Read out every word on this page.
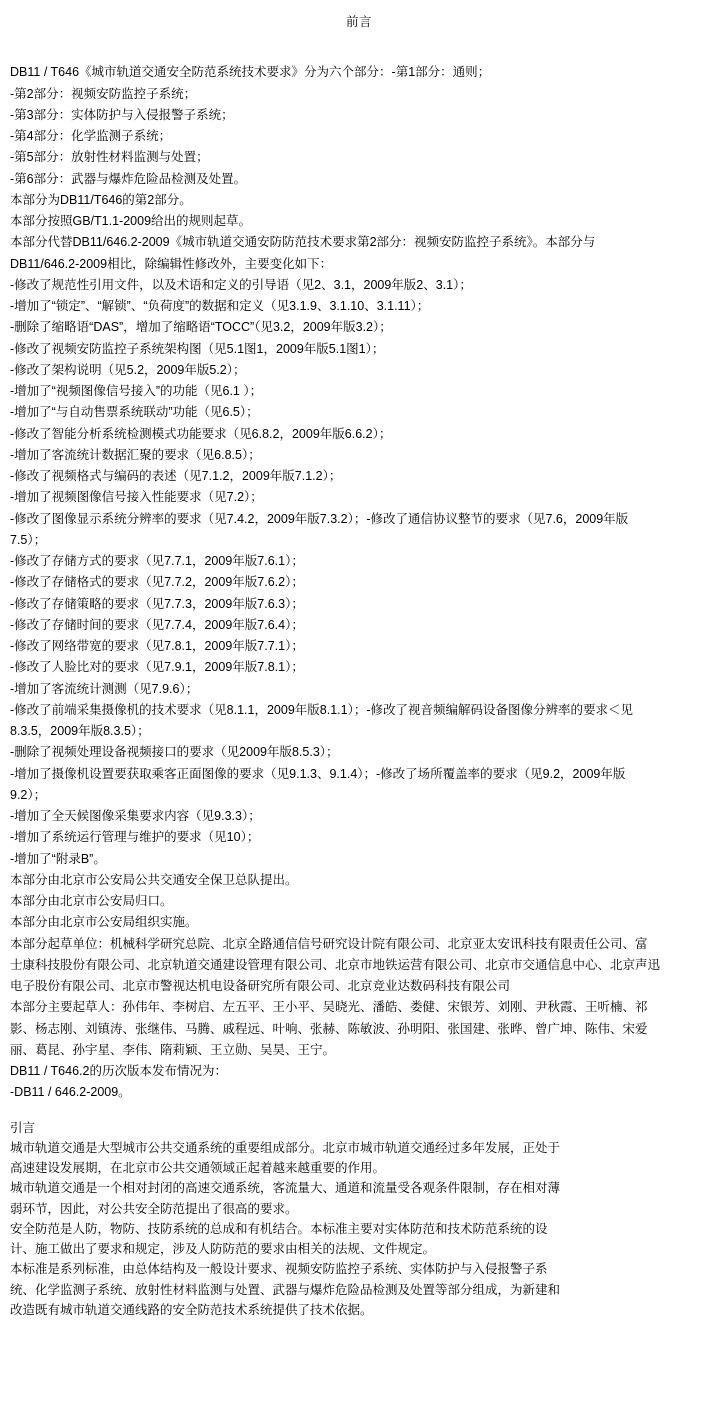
前言

DB11 / T646《城市轨道交通安全防范系统技术要求》分为六个部分：-第1部分：通则；

-第2部分：视频安防监控子系统；

-第3部分：实体防护与入侵报警子系统；

-第4部分：化学监测子系统；

-第5部分：放射性材料监测与处置；

-第6部分：武器与爆炸危险品检测及处置。

本部分为DB11/T646的第2部分。

本部分按照GB/T1.1-2009给出的规则起草。

本部分代替DB11/646.2-2009《城市轨道交通安防防范技术要求第2部分：视频安防监控子系统》。本部分与

DB11/646.2-2009相比，除编辑性修改外，主要变化如下：

-修改了规范性引用文件，以及术语和定义的引导语（见2、3.1，2009年版2、3.1）；

-增加了“锁定”、“解锁”、“负荷度”的数据和定义（见3.1.9、3.1.10、3.1.11）；

-删除了缩略语“DAS”，增加了缩略语“TOCC”（见3.2，2009年版3.2）；

-修改了视频安防监控子系统架构图（见5.1图1，2009年版5.1图1）；

-修改了架构说明（见5.2，2009年版5.2）；

-增加了“视频图像信号接入”的功能（见6.1 ）；

-增加了“与自动售票系统联动”功能（见6.5）；

-修改了智能分析系统检测模式功能要求（见6.8.2，2009年版6.6.2）；

-增加了客流统计数据汇聚的要求（见6.8.5）；

-修改了视频格式与编码的表述（见7.1.2，2009年版7.1.2）；

-增加了视频图像信号接入性能要求（见7.2）；

-修改了图像显示系统分辨率的要求（见7.4.2，2009年版7.3.2）；-修改了通信协议整节的要求（见7.6，2009年版

7.5）；

-修改了存储方式的要求（见7.7.1，2009年版7.6.1）；

-修改了存储格式的要求（见7.7.2，2009年版7.6.2）；

-修改了存储策略的要求（见7.7.3，2009年版7.6.3）；

-修改了存储时间的要求（见7.7.4，2009年版7.6.4）；

-修改了网络带宽的要求（见7.8.1，2009年版7.7.1）；

-修改了人脸比对的要求（见7.9.1，2009年版7.8.1）；

-增加了客流统计测测（见7.9.6）；

-修改了前端采集摄像机的技术要求（见8.1.1，2009年版8.1.1）；-修改了视音频编解码设备图像分辨率的要求＜见

8.3.5，2009年版8.3.5）；

-删除了视频处理设备视频接口的要求（见2009年版8.5.3）；

-增加了摄像机设置要获取乘客正面图像的要求（见9.1.3、9.1.4）；-修改了场所覆盖率的要求（见9.2，2009年版

9.2）；

-增加了全天候图像采集要求内容（见9.3.3）；

-增加了系统运行管理与维护的要求（见10）；

-增加了“附录B”。

本部分由北京市公安局公共交通安全保卫总队提出。

本部分由北京市公安局归口。

本部分由北京市公安局组织实施。

本部分起草单位：机械科学研究总院、北京全路通信信号研究设计院有限公司、北京亚太安讯科技有限责任公司、富

士康科技股份有限公司、北京轨道交通建设管理有限公司、北京市地铁运营有限公司、北京市交通信息中心、北京声迅

电子股份有限公司、北京市警视达机电设备研究所有限公司、北京竞业达数码科技有限公司

本部分主要起草人：孙伟年、李树启、左五平、王小平、吴晓光、潘皓、娄健、宋银芳、刘刚、尹秋霞、王听楠、祁

影、杨志刚、刘镇涛、张继伟、马腾、戚程远、叶响、张赫、陈敏波、孙明阳、张国建、张晔、曾广坤、陈伟、宋爱

丽、葛昆、孙宇星、李伟、隋莉颖、王立勋、吴昊、王宁。

DB11 / T646.2的历次版本发布情况为：

-DB11 / 646.2-2009。

引言

城市轨道交通是大型城市公共交通系统的重要组成部分。北京市城市轨道交通经过多年发展，正处于

高速建设发展期，在北京市公共交通领域正起着越来越重要的作用。

城市轨道交通是一个相对封闭的高速交通系统，客流量大、通道和流量受各观条件限制，存在相对薄

弱环节，因此，对公共安全防范提出了很高的要求。

安全防范是人防，物防、技防系统的总成和有机结合。本标准主要对实体防范和技术防范系统的设

计、施工做出了要求和规定，涉及人防防范的要求由相关的法规、文件规定。

本标准是系列标准，由总体结构及一般设计要求、视频安防监控子系统、实体防护与入侵报警子系

统、化学监测子系统、放射性材料监测与处置、武器与爆炸危险品检测及处置等部分组成，为新建和

改造既有城市轨道交通线路的安全防范技术系统提供了技术依据。
